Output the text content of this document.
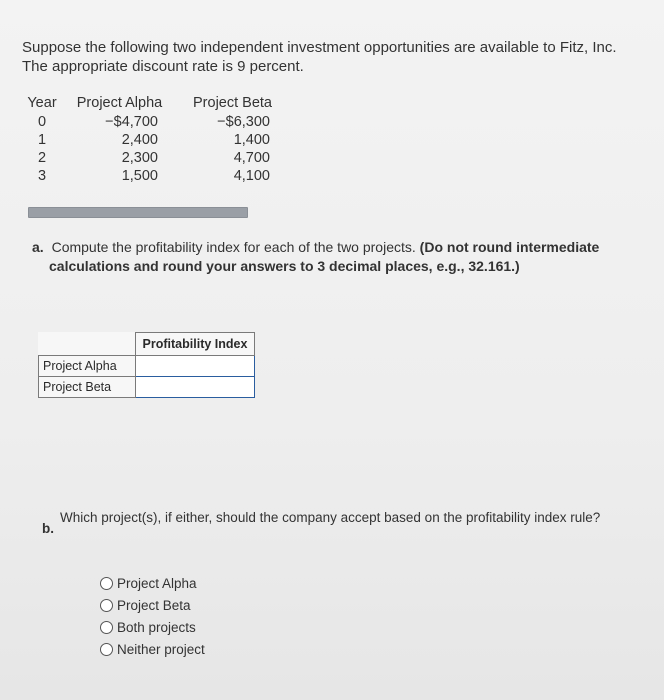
Suppose the following two independent investment opportunities are available to Fitz, Inc. The appropriate discount rate is 9 percent.
Year	Project Alpha	Project Beta
0	−$4,700	−$6,300
1	2,400	1,400
2	2,300	4,700
3	1,500	4,100
a. Compute the profitability index for each of the two projects. (Do not round intermediate calculations and round your answers to 3 decimal places, e.g., 32.161.)
	Profitability Index
Project Alpha	
Project Beta	
b.
Which project(s), if either, should the company accept based on the profitability index rule?
Project Alpha
Project Beta
Both projects
Neither project
